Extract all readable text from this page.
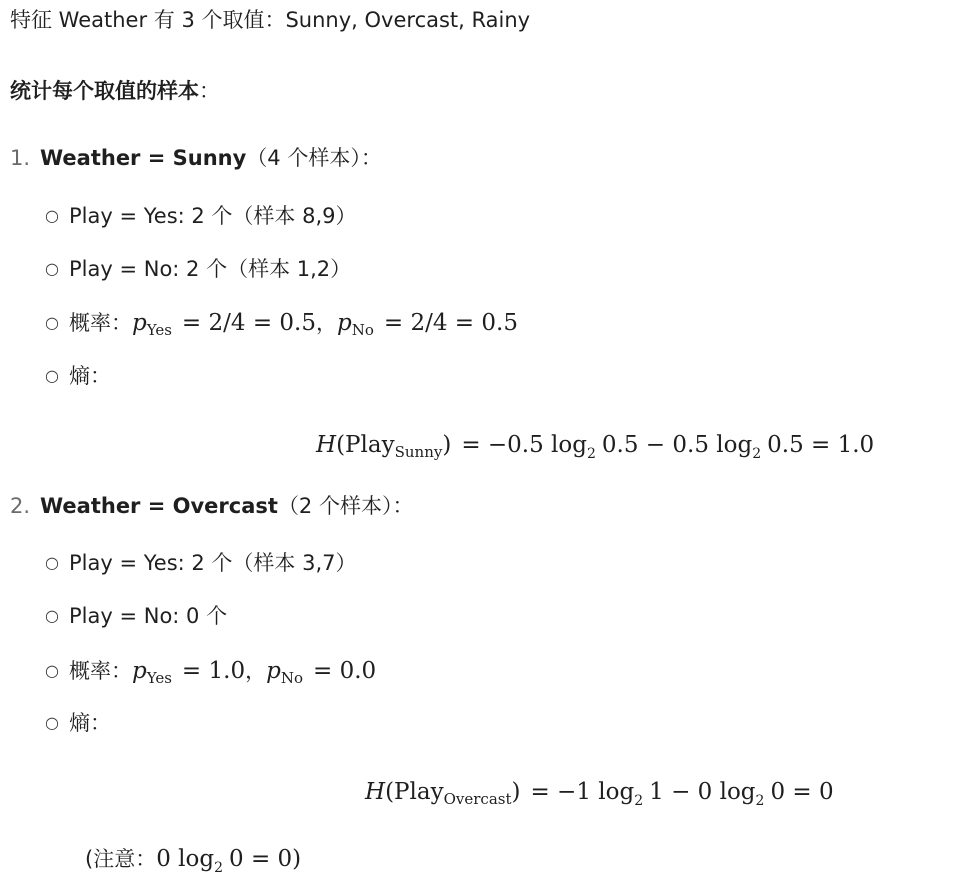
特征 Weather 有 3 个取值：Sunny, Overcast, Rainy
统计每个取值的样本：
1. Weather = Sunny（4 个样本）：
○ Play = Yes: 2 个（样本 8,9）
○ Play = No: 2 个（样本 1,2）
○ 概率：$p_{Yes} = 2/4 = 0.5$，$p_{No} = 2/4 = 0.5$
○ 熵：
H(Play$_{Sunny}$) = −0.5 $\log_2 0.5 - 0.5$ $\log_2 0.5 = 1.0$
2. Weather = Overcast（2 个样本）：
○ Play = Yes: 2 个（样本 3,7）
○ Play = No: 0 个
○ 概率：$p_{Yes} = 1.0$，$p_{No} = 0.0$
○ 熵：
H(Play$_{Overcast}$) = −1 $\log_2 1 - 0$ $\log_2 0 = 0$
(注意：0 $\log_2 0 = 0$)
